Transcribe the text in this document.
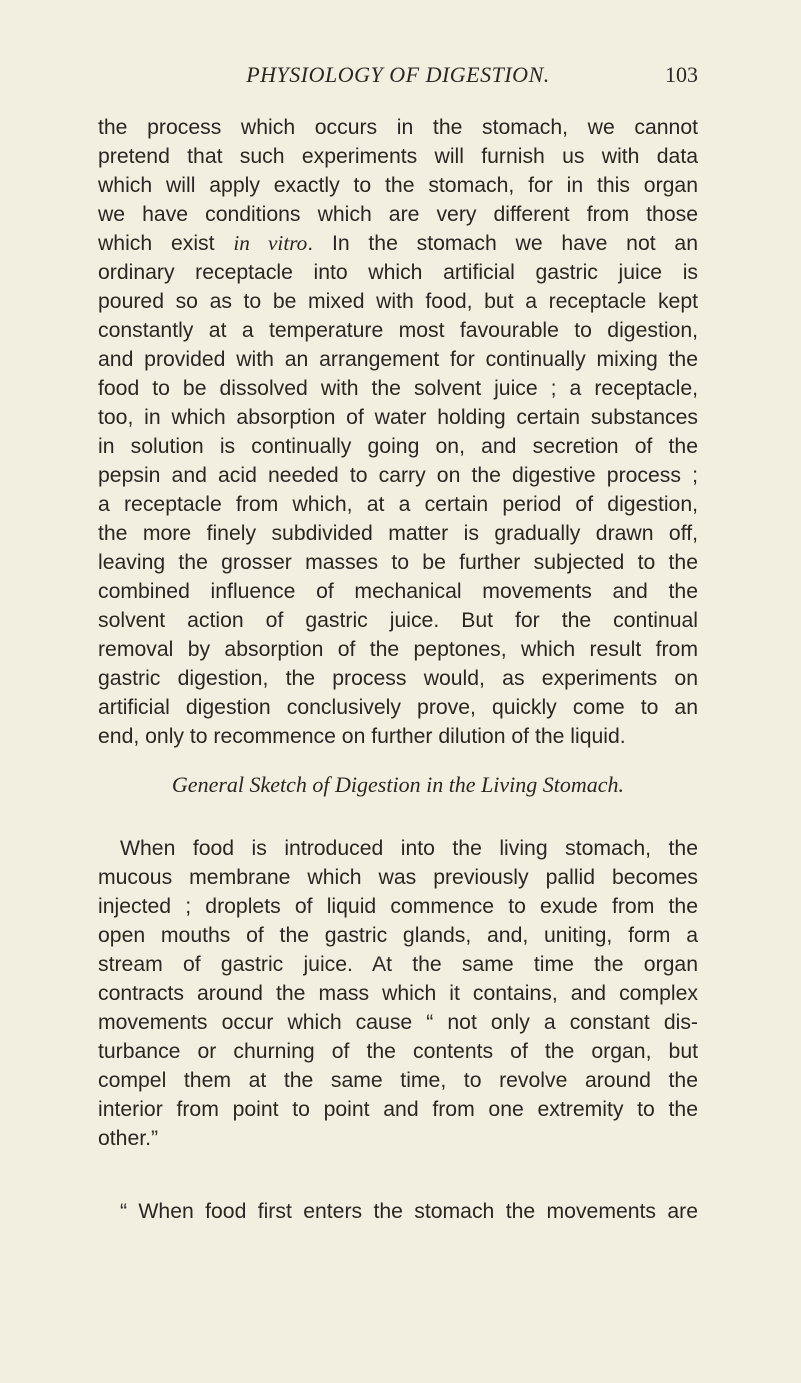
PHYSIOLOGY OF DIGESTION.	103
the process which occurs in the stomach, we cannot
pretend that such experiments will furnish us with data
which will apply exactly to the stomach, for in this organ
we have conditions which are very different from those
which exist in vitro. In the stomach we have not an
ordinary receptacle into which artificial gastric juice is
poured so as to be mixed with food, but a receptacle kept
constantly at a temperature most favourable to digestion,
and provided with an arrangement for continually mixing the
food to be dissolved with the solvent juice ; a receptacle,
too, in which absorption of water holding certain substances
in solution is continually going on, and secretion of the
pepsin and acid needed to carry on the digestive process ;
a receptacle from which, at a certain period of digestion,
the more finely subdivided matter is gradually drawn off,
leaving the grosser masses to be further subjected to the
combined influence of mechanical movements and the
solvent action of gastric juice. But for the continual
removal by absorption of the peptones, which result from
gastric digestion, the process would, as experiments on
artificial digestion conclusively prove, quickly come to an
end, only to recommence on further dilution of the liquid.
General Sketch of Digestion in the Living Stomach.
When food is introduced into the living stomach, the
mucous membrane which was previously pallid becomes
injected ; droplets of liquid commence to exude from the
open mouths of the gastric glands, and, uniting, form a
stream of gastric juice. At the same time the organ
contracts around the mass which it contains, and complex
movements occur which cause “ not only a constant dis-
turbance or churning of the contents of the organ, but
compel them at the same time, to revolve around the
interior from point to point and from one extremity to the
other.”
“ When food first enters the stomach the movements are
